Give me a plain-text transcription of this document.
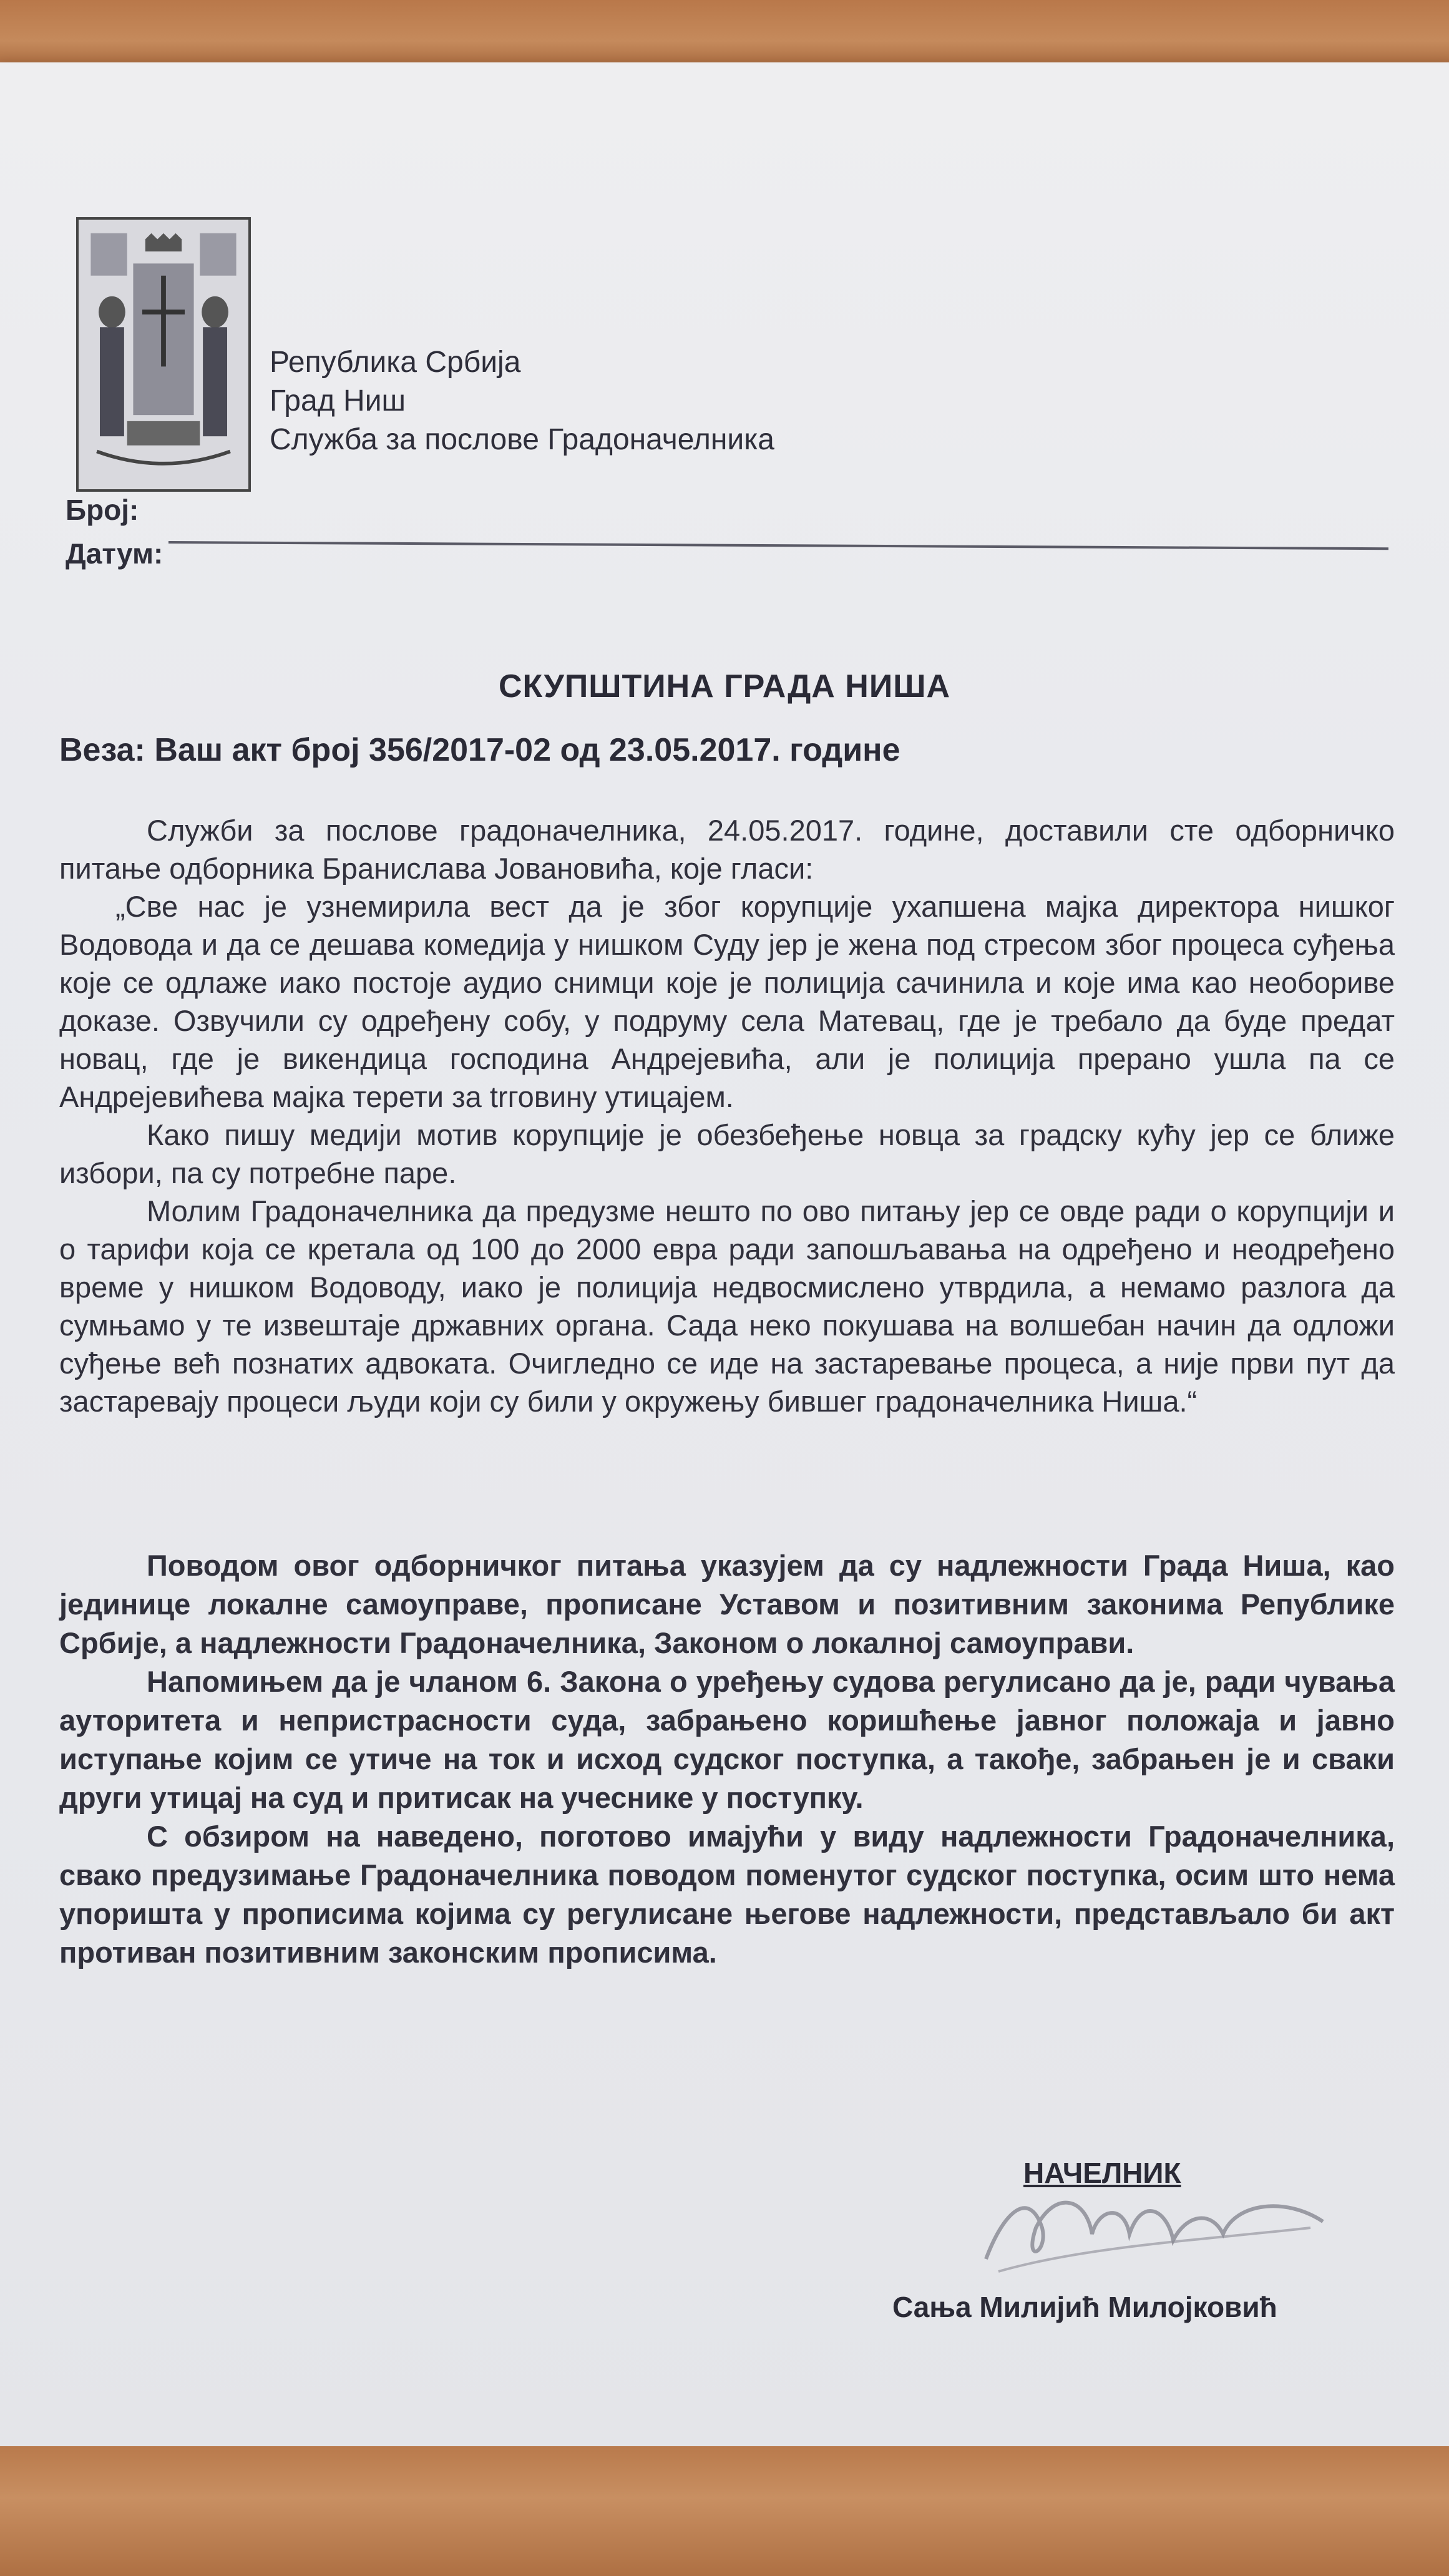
Република Србија
Град Ниш
Служба за послове Градоначелника
Број:
Датум:
СКУПШТИНА ГРАДА НИША
Веза: Ваш акт број 356/2017-02 од 23.05.2017. године

Служби за послове градоначелника, 24.05.2017. године, доставили сте одборничко питање одборника Бранислава Јовановића, које гласи:

„Све нас је узнемирила вест да је због корупције ухапшена мајка директора нишког Водовода и да се дешава комедија у нишком Суду јер је жена под стресом због процеса суђења које се одлаже иако постоје аудио снимци које је полиција сачинила и које има као необориве доказе. Озвучили су одређену собу, у подруму села Матевац, где је требало да буде предат новац, где је викендица господина Андрејевића, али је полиција прерано ушла па се Андрејевићева мајка терети за trговину утицајем.

Како пишу медији мотив корупције је обезбеђење новца за градску кућу јер се ближе избори, па су потребне паре.

Молим Градоначелника да предузме нешто по ово питању јер се овде ради о корупцији и о тарифи која се кретала од 100 до 2000 евра ради запошљавања на одређено и неодређено време у нишком Водоводу, иако је полиција недвосмислено утврдила, а немамо разлога да сумњамо у те извештаје државних органа. Сада неко покушава на волшебан начин да одложи суђење већ познатих адвоката. Очигледно се иде на застаревање процеса, а није први пут да застаревају процеси људи који су били у окружењу бившег градоначелника Ниша.“

Поводом овог одборничког питања указујем да су надлежности Града Ниша, као јединице локалне самоуправе, прописане Уставом и позитивним законима Републике Србије, а надлежности Градоначелника, Законом о локалној самоуправи.

Напомињем да је чланом 6. Закона о уређењу судова регулисано да је, ради чувања ауторитета и непристрасности суда, забрањено коришћење јавног положаја и јавно иступање којим се утиче на ток и исход судског поступка, а такође, забрањен је и сваки други утицај на суд и притисак на учеснике у поступку.

С обзиром на наведено, поготово имајући у виду надлежности Градоначелника, свако предузимање Градоначелника поводом поменутог судског поступка, осим што нема упоришта у прописима којима су регулисане његове надлежности, представљало би акт противан позитивним законским прописима.

НАЧЕЛНИК
Сања Милијић Милојковић
